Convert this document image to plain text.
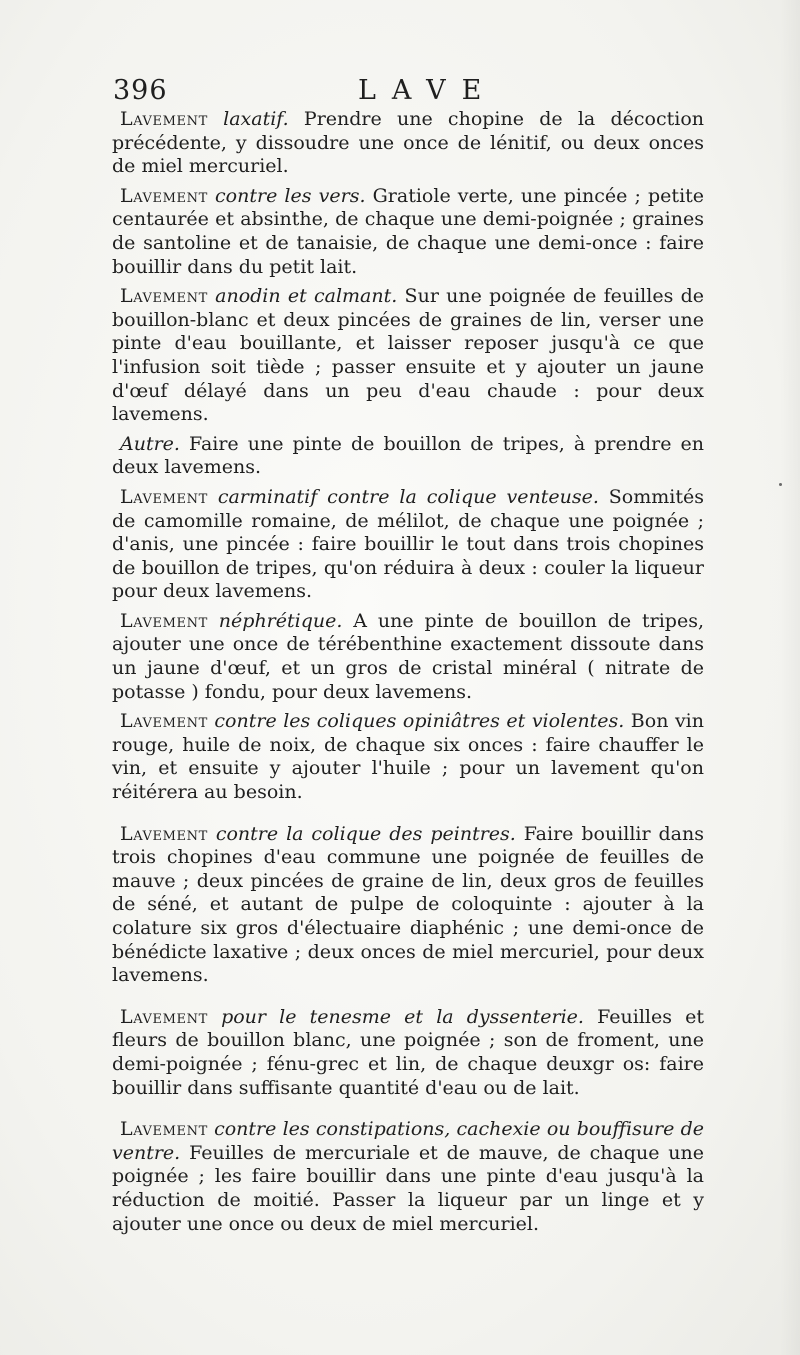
396	LAVE

Lavement laxatif. Prendre une chopine de la décoction précédente, y dissoudre une once de lénitif, ou deux onces de miel mercuriel.

Lavement contre les vers. Gratiole verte, une pincée ; petite centaurée et absinthe, de chaque une demi-poignée ; graines de santoline et de tanaisie, de chaque une demi-once : faire bouillir dans du petit lait.

Lavement anodin et calmant. Sur une poignée de feuilles de bouillon-blanc et deux pincées de graines de lin, verser une pinte d'eau bouillante, et laisser reposer jusqu'à ce que l'infusion soit tiède ; passer ensuite et y ajouter un jaune d'œuf délayé dans un peu d'eau chaude : pour deux lavemens.

Autre. Faire une pinte de bouillon de tripes, à prendre en deux lavemens.

Lavement carminatif contre la colique venteuse. Sommités de camomille romaine, de mélilot, de chaque une poignée ; d'anis, une pincée : faire bouillir le tout dans trois chopines de bouillon de tripes, qu'on réduira à deux : couler la liqueur pour deux lavemens.

Lavement néphrétique. A une pinte de bouillon de tripes, ajouter une once de térébenthine exactement dissoute dans un jaune d'œuf, et un gros de cristal minéral ( nitrate de potasse ) fondu, pour deux lavemens.

Lavement contre les coliques opiniâtres et violentes. Bon vin rouge, huile de noix, de chaque six onces : faire chauffer le vin, et ensuite y ajouter l'huile ; pour un lavement qu'on réitérera au besoin.

Lavement contre la colique des peintres. Faire bouillir dans trois chopines d'eau commune une poignée de feuilles de mauve ; deux pincées de graine de lin, deux gros de feuilles de séné, et autant de pulpe de coloquinte : ajouter à la colature six gros d'électuaire diaphénic ; une demi-once de bénédicte laxative ; deux onces de miel mercuriel, pour deux lavemens.

Lavement pour le tenesme et la dyssenterie. Feuilles et fleurs de bouillon blanc, une poignée ; son de froment, une demi-poignée ; fénu-grec et lin, de chaque deuxgr os: faire bouillir dans suffisante quantité d'eau ou de lait.

Lavement contre les constipations, cachexie ou bouffisure de ventre. Feuilles de mercuriale et de mauve, de chaque une poignée ; les faire bouillir dans une pinte d'eau jusqu'à la réduction de moitié. Passer la liqueur par un linge et y ajouter une once ou deux de miel mercuriel.
